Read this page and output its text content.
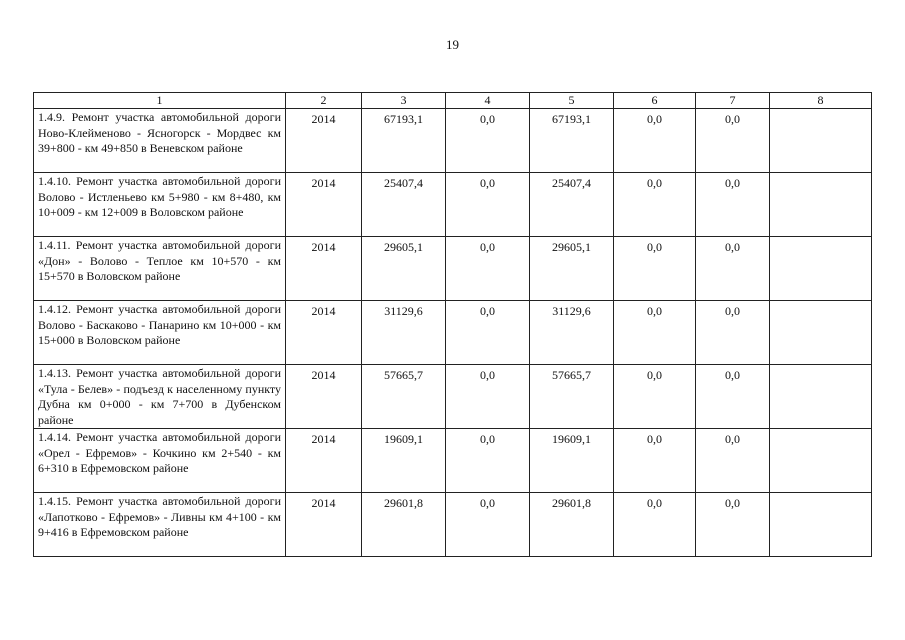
19
1	2	3	4	5	6	7	8
1.4.9. Ремонт участка автомобильной дороги Ново-Клейменово - Ясногорск - Мордвес км 39+800 - км 49+850 в Веневском районе	2014	67193,1	0,0	67193,1	0,0	0,0	
1.4.10. Ремонт участка автомобильной дороги Волово - Истленьево км 5+980 - км 8+480, км 10+009 - км 12+009 в Воловском районе	2014	25407,4	0,0	25407,4	0,0	0,0	
1.4.11. Ремонт участка автомобильной дороги «Дон» - Волово - Теплое км 10+570 - км 15+570 в Воловском районе	2014	29605,1	0,0	29605,1	0,0	0,0	
1.4.12. Ремонт участка автомобильной дороги Волово - Баскаково - Панарино км 10+000 - км 15+000 в Воловском районе	2014	31129,6	0,0	31129,6	0,0	0,0	
1.4.13. Ремонт участка автомобильной дороги «Тула - Белев» - подъезд к населенному пункту Дубна км 0+000 - км 7+700 в Дубенском районе	2014	57665,7	0,0	57665,7	0,0	0,0	
1.4.14. Ремонт участка автомобильной дороги «Орел - Ефремов» - Кочкино км 2+540 - км 6+310 в Ефремовском районе	2014	19609,1	0,0	19609,1	0,0	0,0	
1.4.15. Ремонт участка автомобильной дороги «Лапотково - Ефремов» - Ливны км 4+100 - км 9+416 в Ефремовском районе	2014	29601,8	0,0	29601,8	0,0	0,0	
